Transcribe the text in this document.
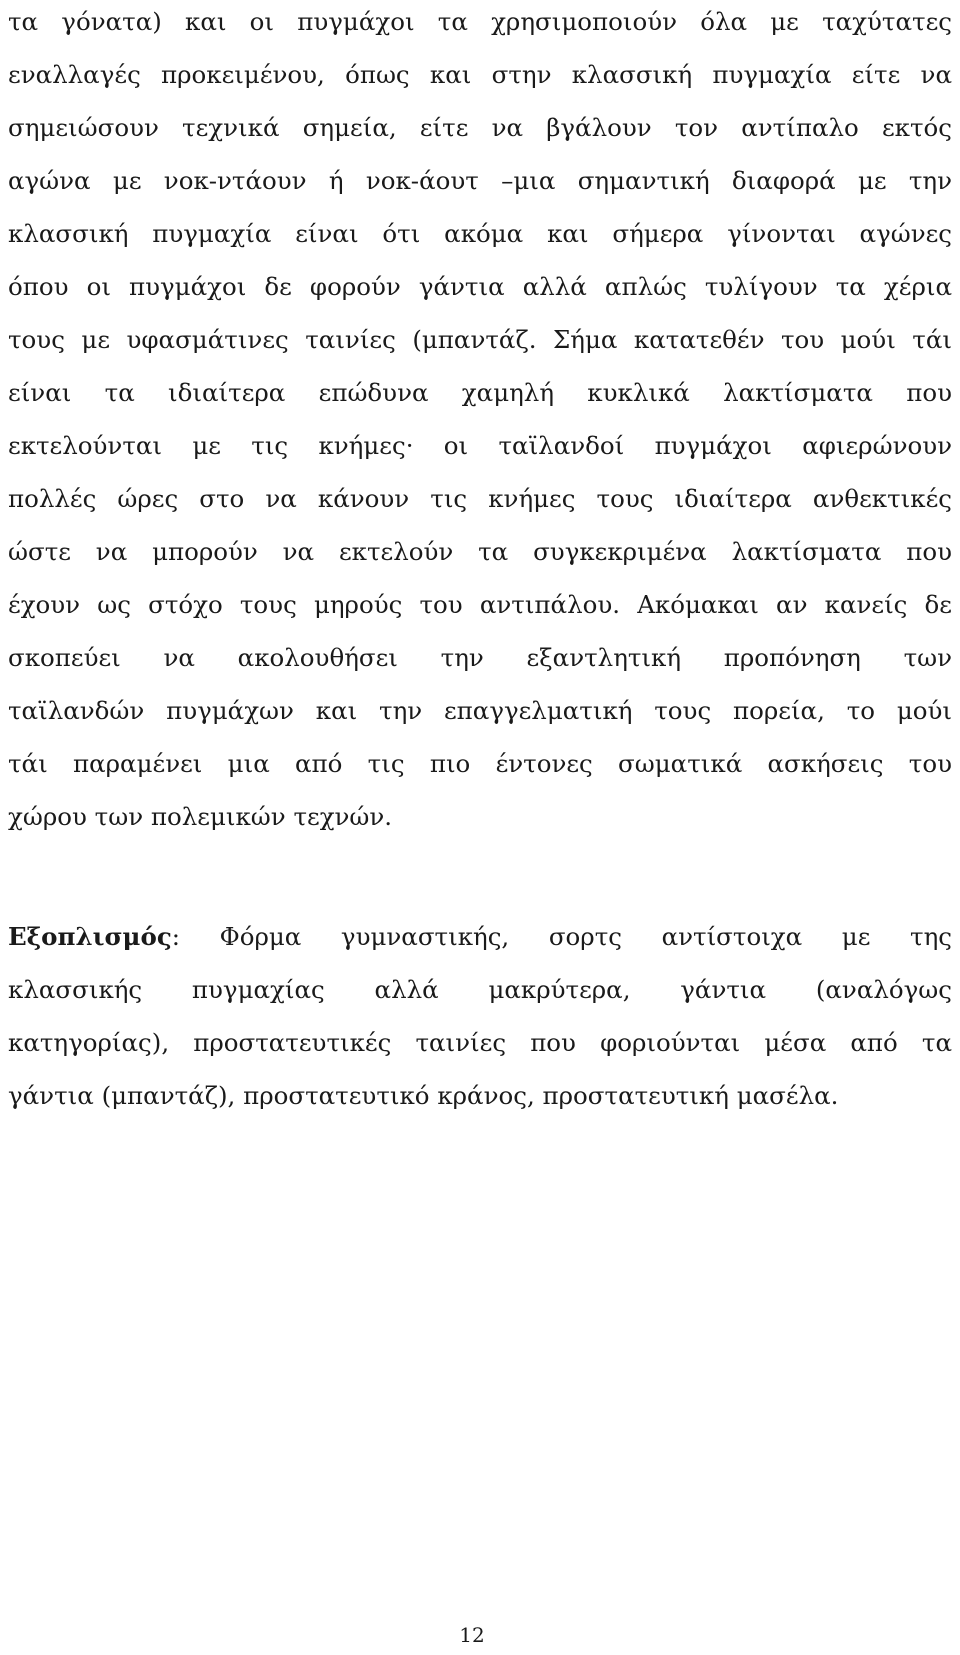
τα γόνατα) και οι πυγμάχοι τα χρησιμοποιούν όλα με ταχύτατες
εναλλαγές προκειμένου, όπως και στην κλασσική πυγμαχία είτε να
σημειώσουν τεχνικά σημεία, είτε να βγάλουν τον αντίπαλο εκτός
αγώνα με νοκ-ντάουν ή νοκ-άουτ –μια σημαντική διαφορά με την
κλασσική πυγμαχία είναι ότι ακόμα και σήμερα γίνονται αγώνες
όπου οι πυγμάχοι δε φορούν γάντια αλλά απλώς τυλίγουν τα χέρια
τους με υφασμάτινες ταινίες (μπαντάζ. Σήμα κατατεθέν του μούι τάι
είναι τα ιδιαίτερα επώδυνα χαμηλή κυκλικά λακτίσματα που
εκτελούνται με τις κνήμες· οι ταϊλανδοί πυγμάχοι αφιερώνουν
πολλές ώρες στο να κάνουν τις κνήμες τους ιδιαίτερα ανθεκτικές
ώστε να μπορούν να εκτελούν τα συγκεκριμένα λακτίσματα που
έχουν ως στόχο τους μηρούς του αντιπάλου. Ακόμακαι αν κανείς δε
σκοπεύει να ακολουθήσει την εξαντλητική προπόνηση των
ταϊλανδών πυγμάχων και την επαγγελματική τους πορεία, το μούι
τάι παραμένει μια από τις πιο έντονες σωματικά ασκήσεις του
χώρου των πολεμικών τεχνών.
Εξοπλισμός: Φόρμα γυμναστικής, σορτς αντίστοιχα με της
κλασσικής πυγμαχίας αλλά μακρύτερα, γάντια (αναλόγως
κατηγορίας), προστατευτικές ταινίες που φοριούνται μέσα από τα
γάντια (μπαντάζ), προστατευτικό κράνος, προστατευτική μασέλα.
12
